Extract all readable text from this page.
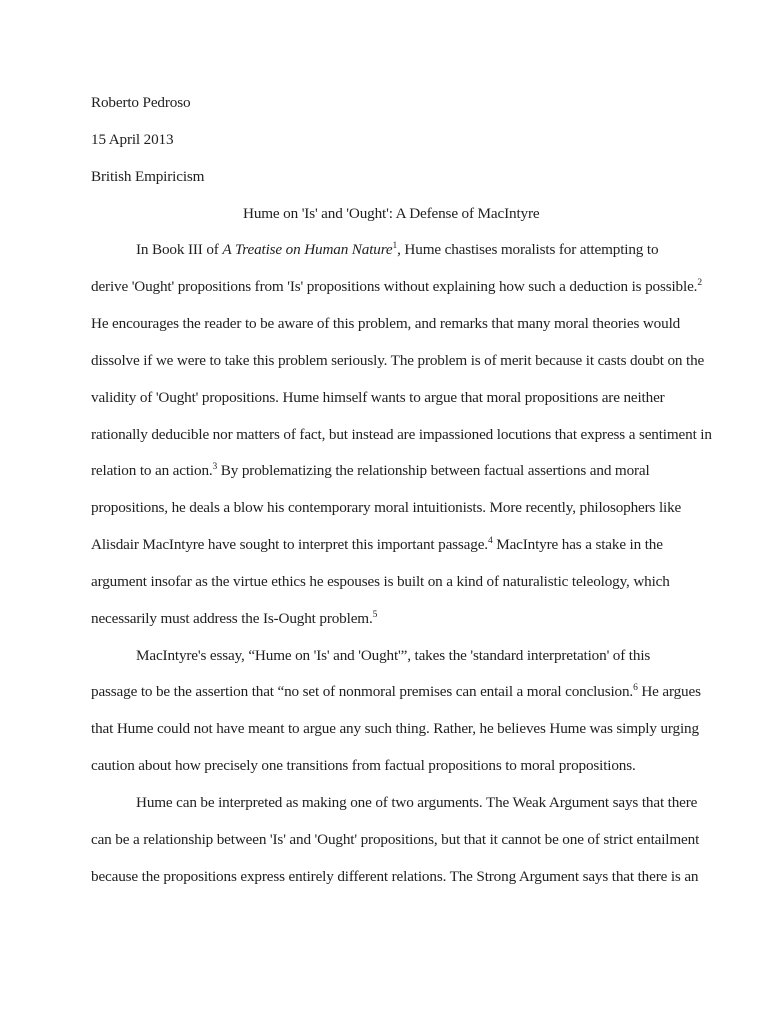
Roberto Pedroso
15 April 2013
British Empiricism
Hume on 'Is' and 'Ought': A Defense of MacIntyre
In Book III of A Treatise on Human Nature$^1$, Hume chastises moralists for attempting to
derive 'Ought' propositions from 'Is' propositions without explaining how such a deduction is possible.$^2$
He encourages the reader to be aware of this problem, and remarks that many moral theories would
dissolve if we were to take this problem seriously. The problem is of merit because it casts doubt on the
validity of 'Ought' propositions. Hume himself wants to argue that moral propositions are neither
rationally deducible nor matters of fact, but instead are impassioned locutions that express a sentiment in
relation to an action.$^3$ By problematizing the relationship between factual assertions and moral
propositions, he deals a blow his contemporary moral intuitionists. More recently, philosophers like
Alisdair MacIntyre have sought to interpret this important passage.$^4$ MacIntyre has a stake in the
argument insofar as the virtue ethics he espouses is built on a kind of naturalistic teleology, which
necessarily must address the Is-Ought problem.$^5$
MacIntyre's essay, “Hume on 'Is' and 'Ought'”, takes the 'standard interpretation' of this
passage to be the assertion that “no set of nonmoral premises can entail a moral conclusion.$^6$ He argues
that Hume could not have meant to argue any such thing. Rather, he believes Hume was simply urging
caution about how precisely one transitions from factual propositions to moral propositions.
Hume can be interpreted as making one of two arguments. The Weak Argument says that there
can be a relationship between 'Is' and 'Ought' propositions, but that it cannot be one of strict entailment
because the propositions express entirely different relations. The Strong Argument says that there is an
